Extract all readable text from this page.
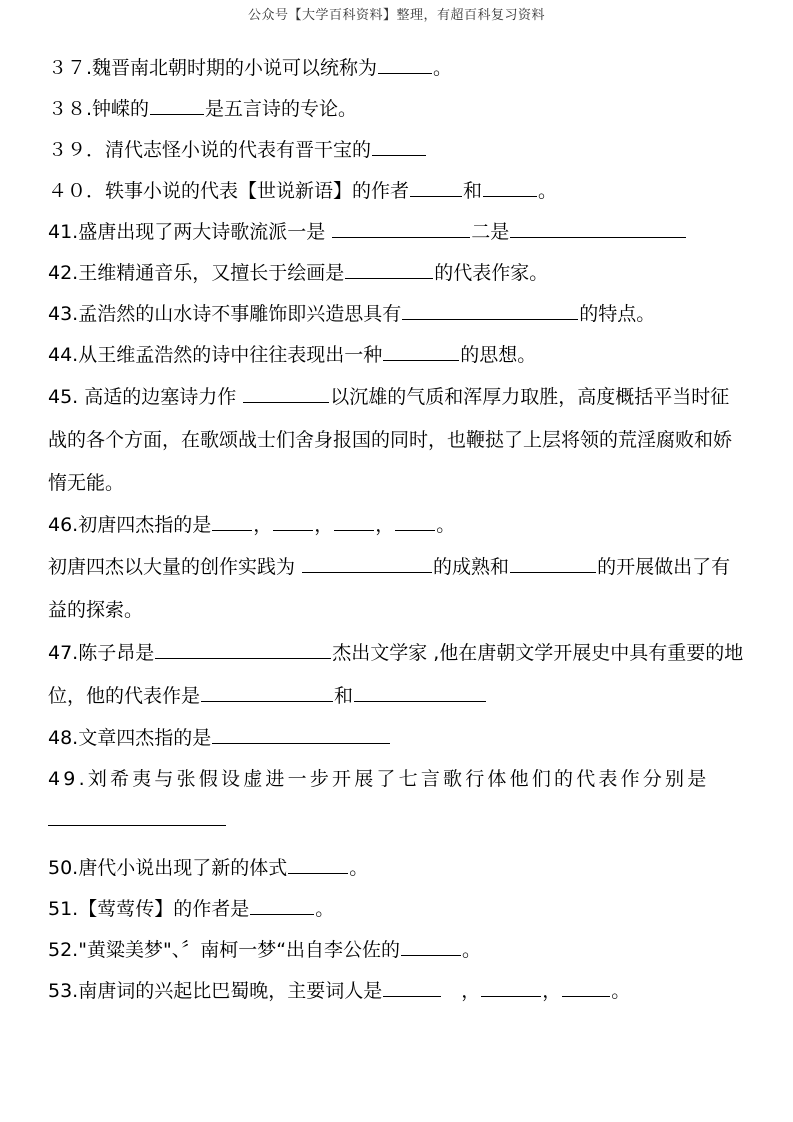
公众号【大学百科资料】整理，有超百科复习资料
３７.魏晋南北朝时期的小说可以统称为	。
３８.钟嵘的	是五言诗的专论。
３９．清代志怪小说的代表有晋干宝的
４０．轶事小说的代表【世说新语】的作者	和	。
41.盛唐出现了两大诗歌流派一是	二是
42.王维精通音乐，又擅长于绘画是	的代表作家。
43.孟浩然的山水诗不事雕饰即兴造思具有	的特点。
44.从王维孟浩然的诗中往往表现出一种	的思想。
45. 高适的边塞诗力作	以沉雄的气质和浑厚力取胜，高度概括平当时征战的各个方面，在歌颂战士们舍身报国的同时，也鞭挞了上层将领的荒淫腐败和娇惰无能。
46.初唐四杰指的是 ， ， ， 。
初唐四杰以大量的创作实践为	的成熟和	的开展做出了有益的探索。
47.陈子昂是	杰出文学家 ,他在唐朝文学开展史中具有重要的地位，他的代表作是	和
48.文章四杰指的是
49.刘希夷与张假设虚进一步开展了七言歌行体他们的代表作分别是
50.唐代小说出现了新的体式	。
51.【莺莺传】的作者是	。
52."黄粱美梦"、〞南柯一梦“出自李公佐的	。
53.南唐词的兴起比巴蜀晚，主要词人是	　，	，	。
